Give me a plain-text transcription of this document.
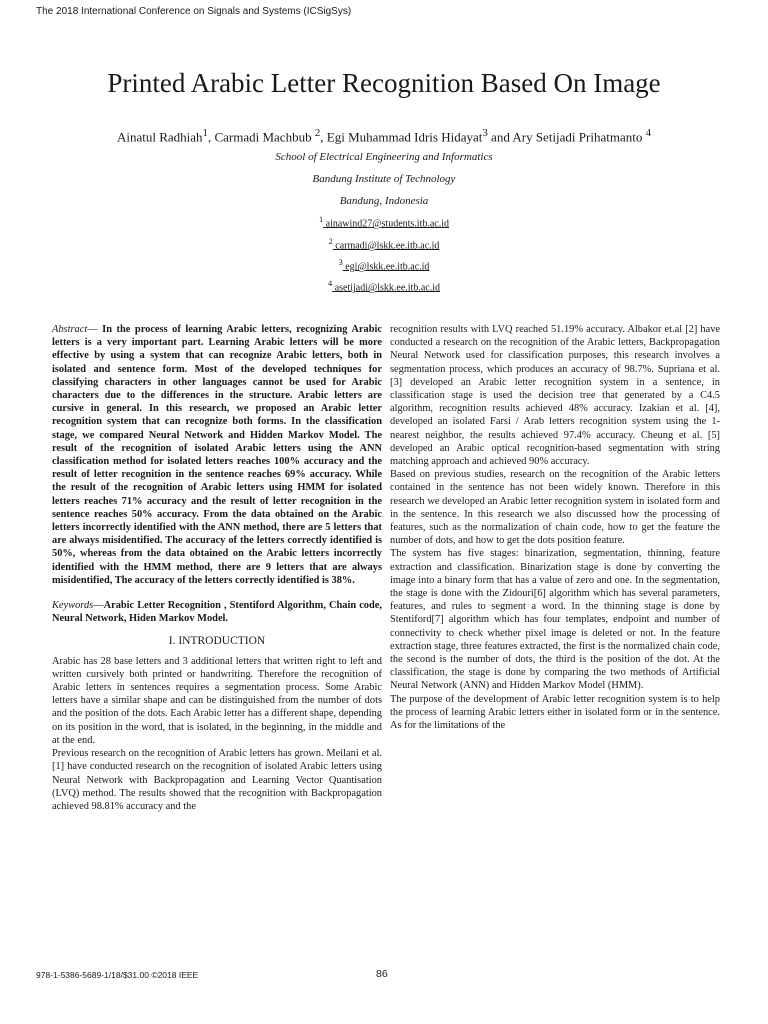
The 2018 International Conference on Signals and Systems (ICSigSys)
Printed Arabic Letter Recognition Based On Image
Ainatul Radhiah$^1$, Carmadi Machbub $^2$, Egi Muhammad Idris Hidayat$^3$ and Ary Setijadi Prihatmanto $^4$
School of Electrical Engineering and Informatics
Bandung Institute of Technology
Bandung, Indonesia
$^1$ ainawind27@students.itb.ac.id
$^2$ carmadi@lskk.ee.itb.ac.id
$^3$ egi@lskk.ee.itb.ac.id
$^4$ asetijadi@lskk.ee.itb.ac.id

Abstract— In the process of learning Arabic letters, recognizing Arabic letters is a very important part. Learning Arabic letters will be more effective by using a system that can recognize Arabic letters, both in isolated and sentence form. Most of the developed techniques for classifying characters in other languages cannot be used for Arabic characters due to the differences in the structure. Arabic letters are cursive in general. In this research, we proposed an Arabic letter recognition system that can recognize both forms. In the classification stage, we compared Neural Network and Hidden Markov Model. The result of the recognition of isolated Arabic letters using the ANN classification method for isolated letters reaches 100% accuracy and the result of letter recognition in the sentence reaches 69% accuracy. While the result of the recognition of Arabic letters using HMM for isolated letters reaches 71% accuracy and the result of letter recognition in the sentence reaches 50% accuracy. From the data obtained on the Arabic letters incorrectly identified with the ANN method, there are 5 letters that are always misidentified. The accuracy of the letters correctly identified is 50%, whereas from the data obtained on the Arabic letters incorrectly identified with the HMM method, there are 9 letters that are always misidentified, The accuracy of the letters correctly identified is 38%.

Keywords—Arabic Letter Recognition , Stentiford Algorithm, Chain code, Neural Network, Hiden Markov Model.

I. INTRODUCTION

Arabic has 28 base letters and 3 additional letters that written right to left and written cursively both printed or handwriting. Therefore the recognition of Arabic letters in sentences requires a segmentation process. Some Arabic letters have a similar shape and can be distinguished from the number of dots and the position of the dots. Each Arabic letter has a different shape, depending on its position in the word, that is isolated, in the beginning, in the middle and at the end.

Previous research on the recognition of Arabic letters has grown. Meilani et al.[1] have conducted research on the recognition of isolated Arabic letters using Neural Network with Backpropagation and Learning Vector Quantisation (LVQ) method. The results showed that the recognition with Backpropagation achieved 98.81% accuracy and the

recognition results with LVQ reached 51.19% accuracy. Albakor et.al [2] have conducted a research on the recognition of the Arabic letters, Backpropagation Neural Network used for classification purposes, this research involves a segmentation process, which produces an accuracy of 98.7%. Supriana et al. [3] developed an Arabic letter recognition system in a sentence, in classification stage is used the decision tree that generated by a C4.5 algorithm, recognition results achieved 48% accuracy. Izakian et al. [4], developed an isolated Farsi / Arab letters recognition system using the 1-nearest neighbor, the results achieved 97.4% accuracy. Cheung et al. [5] developed an Arabic optical recognition-based segmentation with string matching approach and achieved 90% accuracy.

Based on previous studies, research on the recognition of the Arabic letters contained in the sentence has not been widely known. Therefore in this research we developed an Arabic letter recognition system in isolated form and in the sentence. In this research we also discussed how the processing of features, such as the normalization of chain code, how to get the feature the number of dots, and how to get the dots position feature.

The system has five stages: binarization, segmentation, thinning, feature extraction and classification. Binarization stage is done by converting the image into a binary form that has a value of zero and one. In the segmentation, the stage is done with the Zidouri[6] algorithm which has several parameters, features, and rules to segment a word. In the thinning stage is done by Stentiford[7] algorithm which has four templates, endpoint and number of connectivity to check whether pixel image is deleted or not. In the feature extraction stage, three features extracted, the first is the normalized chain code, the second is the number of dots, the third is the position of the dot. At the classification, the stage is done by comparing the two methods of Artificial Neural Network (ANN) and Hidden Markov Model (HMM).

The purpose of the development of Arabic letter recognition system is to help the process of learning Arabic letters either in isolated form or in the sentence. As for the limitations of the

978-1-5386-5689-1/18/$31.00 ©2018 IEEE	86
